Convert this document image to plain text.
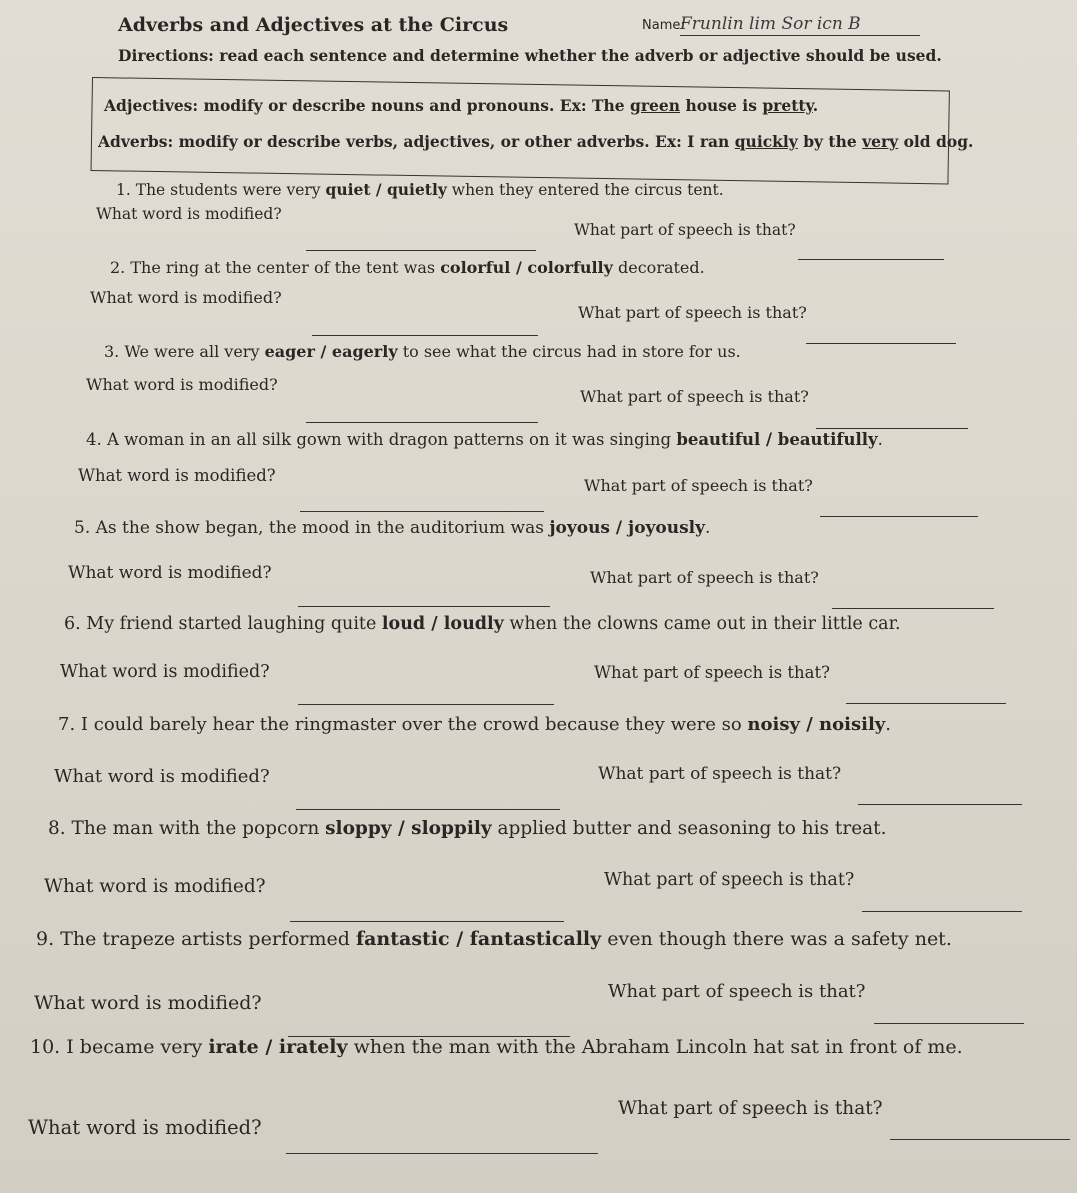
Adverbs and Adjectives at the Circus	Name:
Frunlin lim Sor icn B
Directions: read each sentence and determine whether the adverb or adjective should be used.
Adjectives: modify or describe nouns and pronouns. Ex: The green house is pretty.
Adverbs: modify or describe verbs, adjectives, or other adverbs. Ex: I ran quickly by the very old dog.
1. The students were very quiet / quietly when they entered the circus tent.
What word is modified?
What part of speech is that?
2. The ring at the center of the tent was colorful / colorfully decorated.
What word is modified?
What part of speech is that?
3. We were all very eager / eagerly to see what the circus had in store for us.
What word is modified?
What part of speech is that?
4. A woman in an all silk gown with dragon patterns on it was singing beautiful / beautifully.
What word is modified?
What part of speech is that?
5. As the show began, the mood in the auditorium was joyous / joyously.
What word is modified?	What part of speech is that?
6. My friend started laughing quite loud / loudly when the clowns came out in their little car.
What word is modified?	What part of speech is that?
7. I could barely hear the ringmaster over the crowd because they were so noisy / noisily.
What word is modified?	What part of speech is that?
8. The man with the popcorn sloppy / sloppily applied butter and seasoning to his treat.
What word is modified?	What part of speech is that?
9. The trapeze artists performed fantastic / fantastically even though there was a safety net.
What word is modified?
What part of speech is that?
10. I became very irate / irately when the man with the Abraham Lincoln hat sat in front of me.
What word is modified?
What part of speech is that?
